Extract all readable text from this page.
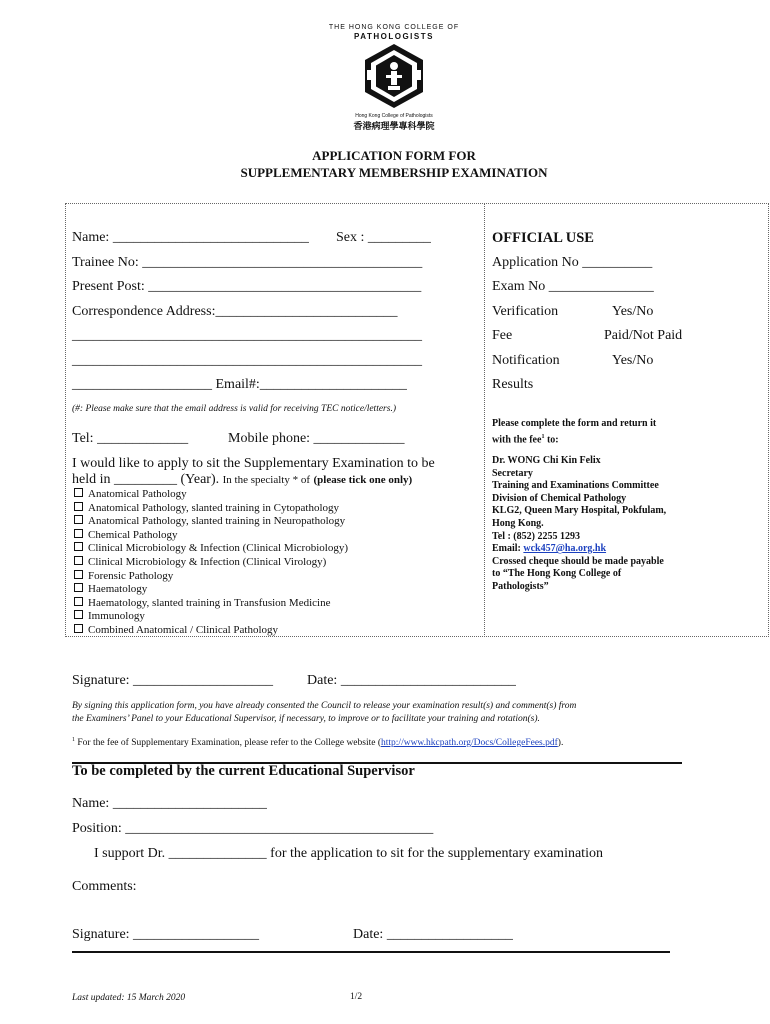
THE HONG KONG COLLEGE OF
PATHOLOGISTS
Hong Kong College of Pathologists
香港病理學專科學院
APPLICATION FORM FOR
SUPPLEMENTARY MEMBERSHIP EXAMINATION
Name: ____________________________ Sex : _________
Trainee No: ________________________________________
Present Post: _______________________________________
Correspondence Address:__________________________
__________________________________________________
__________________________________________________
____________________ Email#:_____________________
(#: Please make sure that the email address is valid for receiving TEC notice/letters.)
Tel: _____________	Mobile phone: _____________
I would like to apply to sit the Supplementary Examination to be
held in _________ (Year). In the specialty * of (please tick one only)
Anatomical Pathology
Anatomical Pathology, slanted training in Cytopathology
Anatomical Pathology, slanted training in Neuropathology
Chemical Pathology
Clinical Microbiology & Infection (Clinical Microbiology)
Clinical Microbiology & Infection (Clinical Virology)
Forensic Pathology
Haematology
Haematology, slanted training in Transfusion Medicine
Immunology
Combined Anatomical / Clinical Pathology
OFFICIAL USE
Application No __________
Exam No _______________
Verification	Yes/No
Fee	Paid/Not Paid
Notification	Yes/No
Results
Please complete the form and return it
with the fee$^1$ to:
Dr. WONG Chi Kin Felix
Secretary
Training and Examinations Committee
Division of Chemical Pathology
KLG2, Queen Mary Hospital, Pokfulam,
Hong Kong.
Tel : (852) 2255 1293
Email: wck457@ha.org.hk
Crossed cheque should be made payable
to “The Hong Kong College of
Pathologists”
Signature: ____________________ Date: _________________________
By signing this application form, you have already consented the Council to release your examination result(s) and comment(s) from
the Examiners’ Panel to your Educational Supervisor, if necessary, to improve or to facilitate your training and rotation(s).
$^1$ For the fee of Supplementary Examination, please refer to the College website (http://www.hkcpath.org/Docs/CollegeFees.pdf).
To be completed by the current Educational Supervisor
Name: ______________________
Position: ____________________________________________
I support Dr. ______________ for the application to sit for the supplementary examination
Comments:
Signature: __________________	Date: __________________
Last updated: 15 March 2020	1/2
